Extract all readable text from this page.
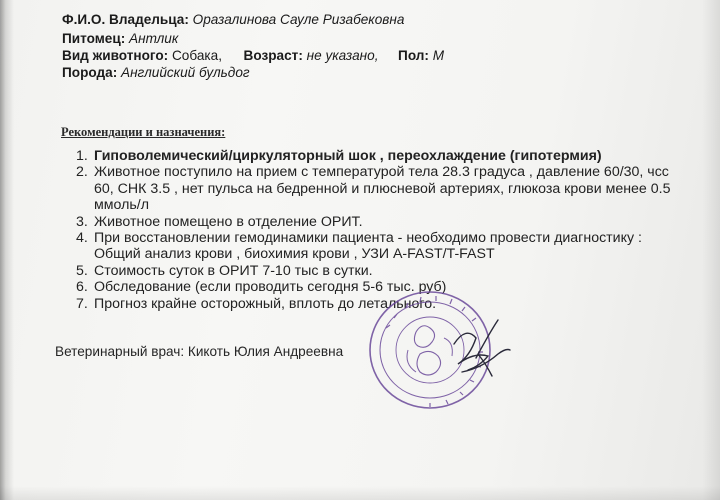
Ф.И.О. Владельца: Оразалинова Сауле Ризабековна
Питомец: Антлик
Вид животного: Собака, Возраст: не указано, Пол: М
Порода: Английский бульдог
Рекомендации и назначения:
1. Гиповолемический/циркуляторный шок , переохлаждение (гипотермия)
2. Животное поступило на прием с температурой тела 28.3 градуса , давление 60/30, чсс
60, СНК 3.5 , нет пульса на бедренной и плюсневой артериях, глюкоза крови менее 0.5
ммоль/л
3. Животное помещено в отделение ОРИТ.
4. При восстановлении гемодинамики пациента - необходимо провести диагностику :
Общий анализ крови , биохимия крови , УЗИ A-FAST/T-FAST
5. Стоимость суток в ОРИТ 7-10 тыс в сутки.
6. Обследование (если проводить сегодня 5-6 тыс. руб)
7. Прогноз крайне осторожный, вплоть до летального.
Ветеринарный врач: Кикоть Юлия Андреевна
